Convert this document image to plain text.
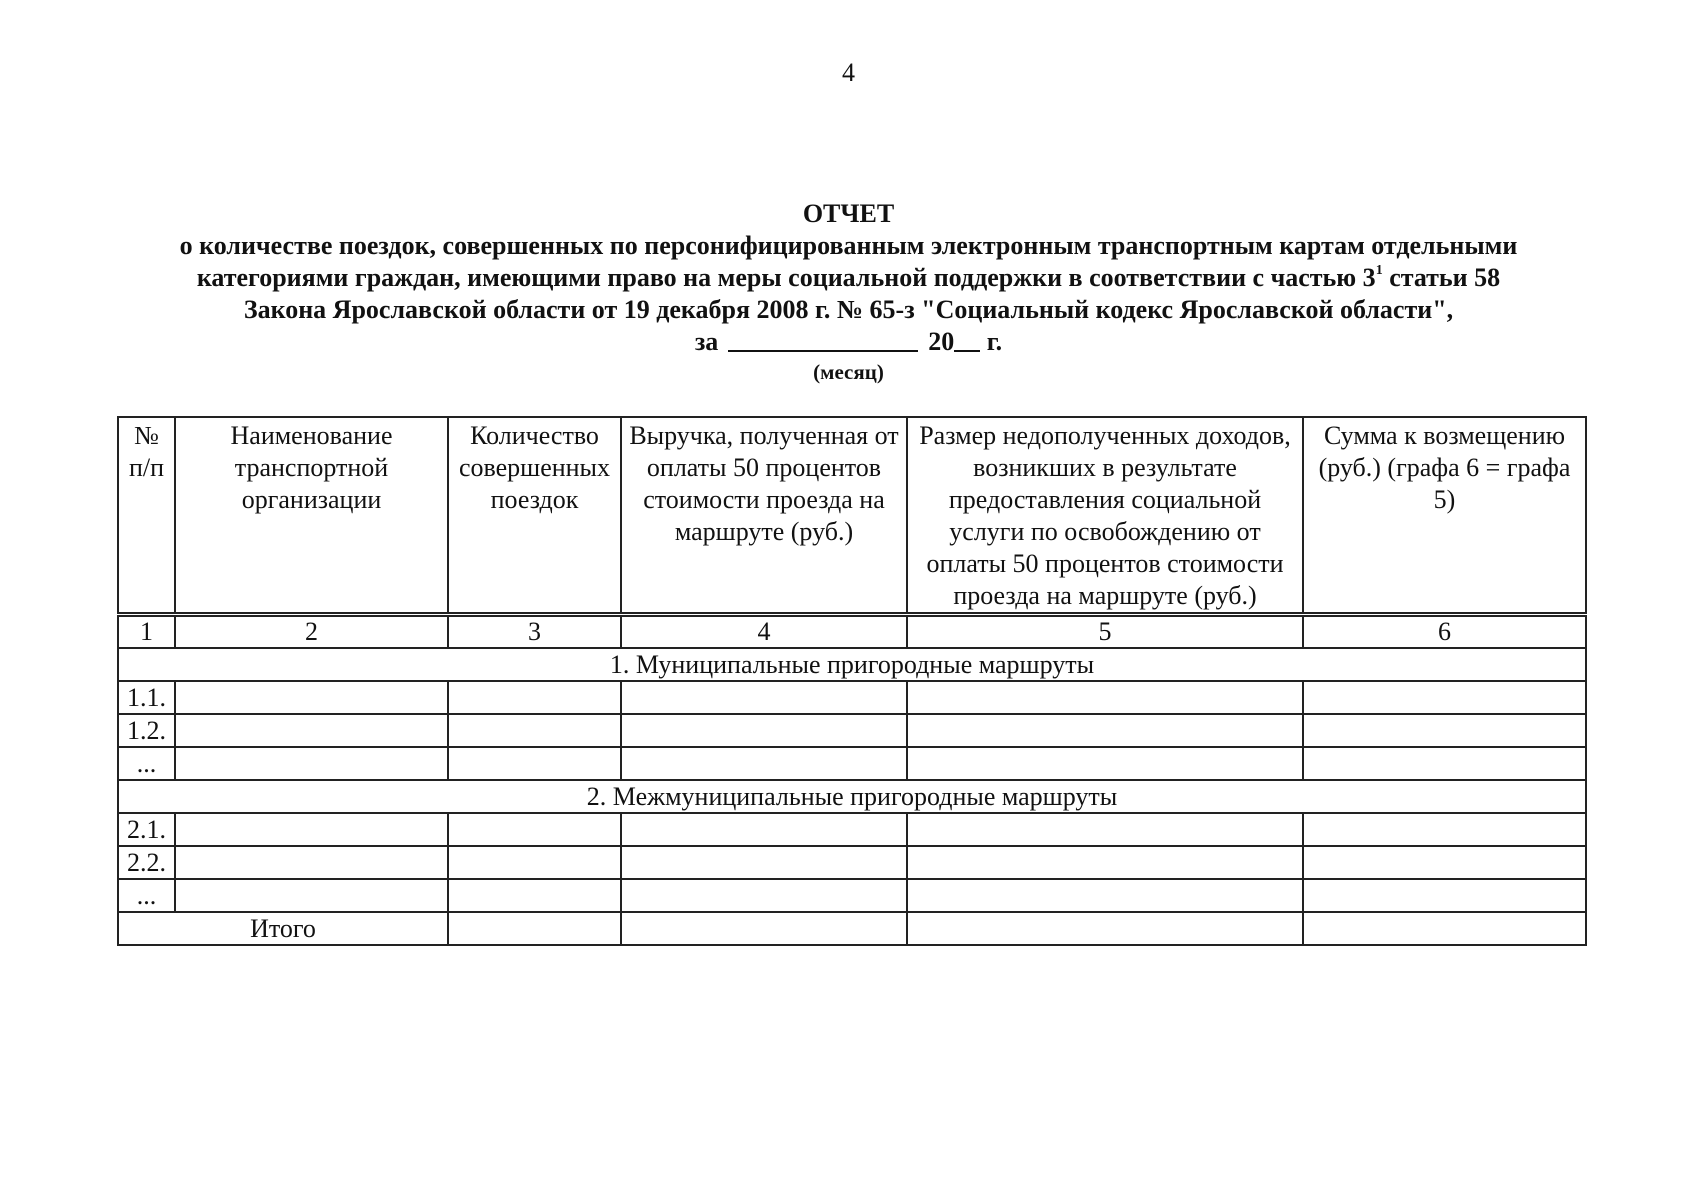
4
ОТЧЕТ
о количестве поездок, совершенных по персонифицированным электронным транспортным картам отдельными
категориями граждан, имеющими право на меры социальной поддержки в соответствии с частью $3^1$ статьи 58
Закона Ярославской области от 19 декабря 2008 г. № 65-з "Социальный кодекс Ярославской области",
за	20 г.
(месяц)
№ п/п	Наименование транспортной организации	Количество совершенных поездок	Выручка, полученная от оплаты 50 процентов стоимости проезда на маршруте (руб.)	Размер недополученных доходов, возникших в результате предоставления социальной услуги по освобождению от оплаты 50 процентов стоимости проезда на маршруте (руб.)	Сумма к возмещению (руб.) (графа 6 = графа 5)
1	2	3	4	5	6
1. Муниципальные пригородные маршруты					
1.1.					
1.2.					
...					
2. Межмуниципальные пригородные маршруты					
2.1.					
2.2.					
...					
Итого					
